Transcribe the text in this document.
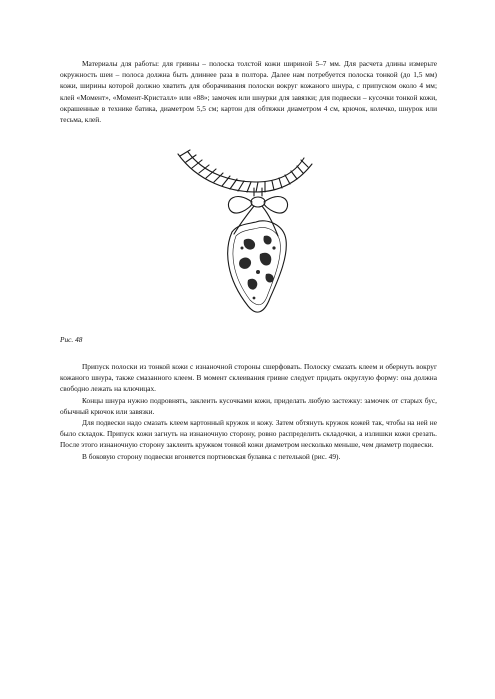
Материалы для работы: для гривны – полоска толстой кожи шириной 5–7 мм. Для расчета длины измерьте окружность шеи – полоса должна быть длиннее раза в полтора. Далее нам потребуется полоска тонкой (до 1,5 мм) кожи, ширины которой должно хватить для оборачивания полоски вокруг кожаного шнура, с припуском около 4 мм; клей «Момент», «Момент-Кристалл» или «88»; замочек или шнурки для завязки; для подвески – кусочки тонкой кожи, окрашенные в технике батика, диаметром 5,5 см; картон для обтяжки диаметром 4 см, крючок, колечко, шнурок или тесьма, клей.

Рис. 48

Припуск полоски из тонкой кожи с изнаночной стороны сшерфовать. Полоску смазать клеем и обернуть вокруг кожаного шнура, также смазанного клеем. В момент склеивания гривне следует придать округлую форму: она должна свободно лежать на ключицах.

Концы шнура нужно подровнять, заклеить кусочками кожи, приделать любую застежку: замочек от старых бус, обычный крючок или завязки.

Для подвески надо смазать клеем картонный кружок и кожу. Затем обтянуть кружок кожей так, чтобы на ней не было складок. Припуск кожи загнуть на изнаночную сторону, ровно распределить складочки, а излишки кожи срезать. После этого изнаночную сторону заклеить кружком тонкой кожи диаметром несколько меньше, чем диаметр подвески.

В боковую сторону подвески вгоняется портновская булавка с петелькой (рис. 49).
